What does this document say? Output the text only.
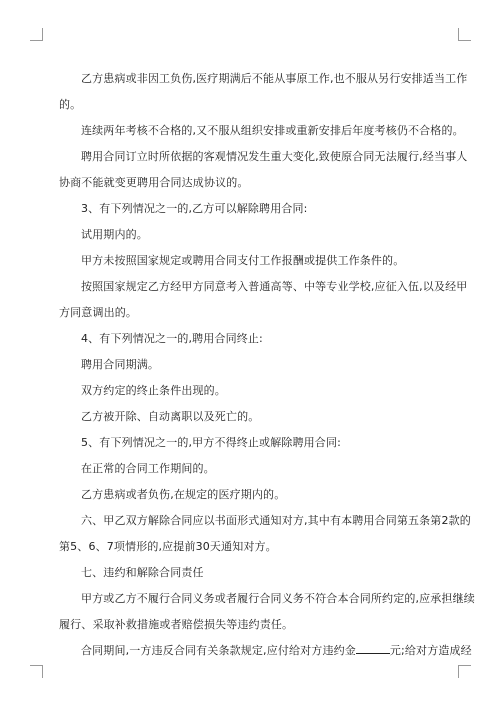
乙方患病或非因工负伤,医疗期满后不能从事原工作,也不服从另行安排适当工作
的。

连续两年考核不合格的,又不服从组织安排或重新安排后年度考核仍不合格的。

聘用合同订立时所依据的客观情况发生重大变化,致使原合同无法履行,经当事人
协商不能就变更聘用合同达成协议的。

3、有下列情况之一的,乙方可以解除聘用合同:

试用期内的。

甲方未按照国家规定或聘用合同支付工作报酬或提供工作条件的。

按照国家规定乙方经甲方同意考入普通高等、中等专业学校,应征入伍,以及经甲
方同意调出的。

4、有下列情况之一的,聘用合同终止:

聘用合同期满。

双方约定的终止条件出现的。

乙方被开除、自动离职以及死亡的。

5、有下列情况之一的,甲方不得终止或解除聘用合同:

在正常的合同工作期间的。

乙方患病或者负伤,在规定的医疗期内的。

六、甲乙双方解除合同应以书面形式通知对方,其中有本聘用合同第五条第2款的
第5、6、7项情形的,应提前30天通知对方。

七、违约和解除合同责任

甲方或乙方不履行合同义务或者履行合同义务不符合本合同所约定的,应承担继续
履行、采取补救措施或者赔偿损失等违约责任。

合同期间,一方违反合同有关条款规定,应付给对方违约金	元;给对方造成经
